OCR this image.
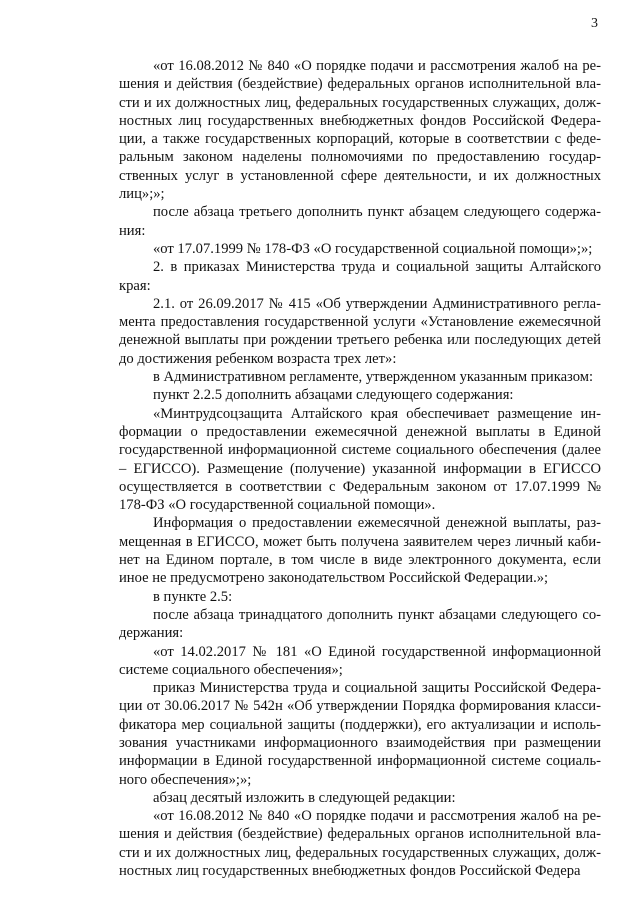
3

«от 16.08.2012 № 840 «О порядке подачи и рассмотрения жалоб на решения и действия (бездействие) федеральных органов исполнительной власти и их должностных лиц, федеральных государственных служащих, должностных лиц государственных внебюджетных фондов Российской Федерации, а также государственных корпораций, которые в соответствии с федеральным законом наделены полномочиями по предоставлению государственных услуг в установленной сфере деятельности, и их должностных лиц»;»;

после абзаца третьего дополнить пункт абзацем следующего содержания:

«от 17.07.1999 № 178-ФЗ «О государственной социальной помощи»;»;

2. в приказах Министерства труда и социальной защиты Алтайского края:

2.1. от 26.09.2017 № 415 «Об утверждении Административного регламента предоставления государственной услуги «Установление ежемесячной денежной выплаты при рождении третьего ребенка или последующих детей до достижения ребенком возраста трех лет»:

в Административном регламенте, утвержденном указанным приказом:

пункт 2.2.5 дополнить абзацами следующего содержания:

«Минтрудсоцзащита Алтайского края обеспечивает размещение информации о предоставлении ежемесячной денежной выплаты в Единой государственной информационной системе социального обеспечения (далее – ЕГИССО). Размещение (получение) указанной информации в ЕГИССО осуществляется в соответствии с Федеральным законом от 17.07.1999 № 178-ФЗ «О государственной социальной помощи».

Информация о предоставлении ежемесячной денежной выплаты, размещенная в ЕГИССО, может быть получена заявителем через личный кабинет на Едином портале, в том числе в виде электронного документа, если иное не предусмотрено законодательством Российской Федерации.»;

в пункте 2.5:

после абзаца тринадцатого дополнить пункт абзацами следующего содержания:

«от 14.02.2017 № 181 «О Единой государственной информационной системе социального обеспечения»;

приказ Министерства труда и социальной защиты Российской Федерации от 30.06.2017 № 542н «Об утверждении Порядка формирования классификатора мер социальной защиты (поддержки), его актуализации и использования участниками информационного взаимодействия при размещении информации в Единой государственной информационной системе социального обеспечения»;»;

абзац десятый изложить в следующей редакции:

«от 16.08.2012 № 840 «О порядке подачи и рассмотрения жалоб на решения и действия (бездействие) федеральных органов исполнительной власти и их должностных лиц, федеральных государственных служащих, должностных лиц государственных внебюджетных фондов Российской Федера
